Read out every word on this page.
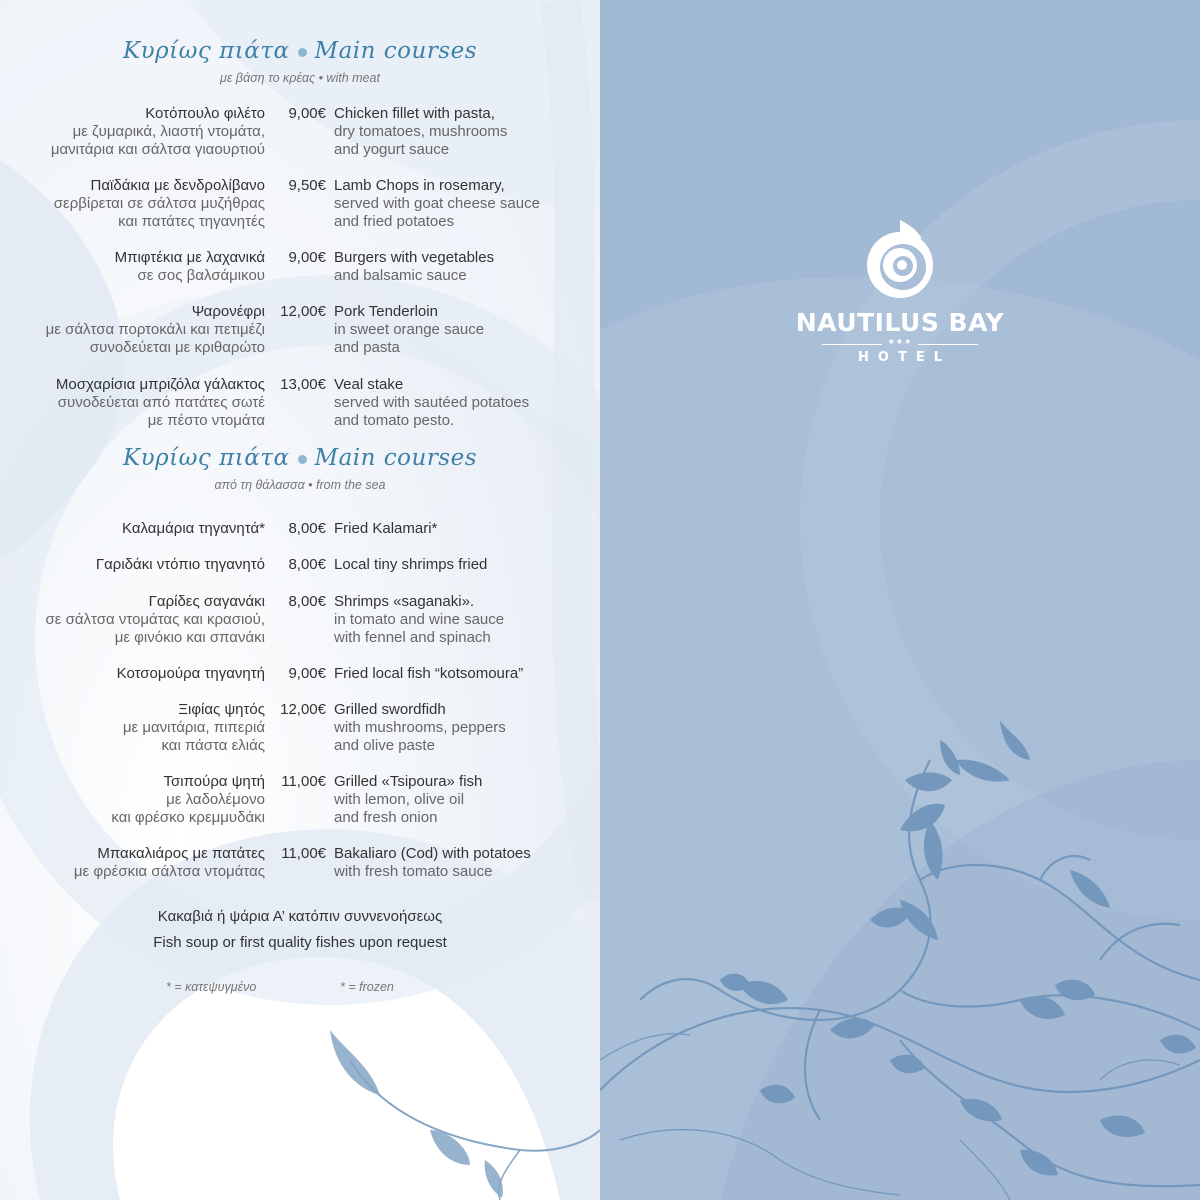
Κυρίως πιάτα Main courses
με βάση το κρέας • with meat
Κοτόπουλο φιλέτο
με ζυμαρικά, λιαστή ντομάτα,
μανιτάρια και σάλτσα γιαουρτιού
9,00€ Chicken fillet with pasta,
dry tomatoes, mushrooms
and yogurt sauce
Παϊδάκια με δενδρολίβανο
σερβίρεται σε σάλτσα μυζήθρας
και πατάτες τηγανητές
9,50€ Lamb Chops in rosemary,
served with goat cheese sauce
and fried potatoes
Μπιφτέκια με λαχανικά
σε σος βαλσάμικου
9,00€ Burgers with vegetables
and balsamic sauce
Ψαρονέφρι
με σάλτσα πορτοκάλι και πετιμέζι
συνοδεύεται με κριθαρώτο
12,00€ Pork Tenderloin
in sweet orange sauce
and pasta
Μοσχαρίσια μπριζόλα γάλακτος
συνοδεύεται από πατάτες σωτέ
με πέστο ντομάτα
13,00€ Veal stake
served with sautéed potatoes
and tomato pesto.
Κυρίως πιάτα Main courses
από τη θάλασσα • from the sea
Καλαμάρια τηγανητά*	8,00€ Fried Kalamari*
Γαριδάκι ντόπιο τηγανητό	8,00€ Local tiny shrimps fried
Γαρίδες σαγανάκι
σε σάλτσα ντομάτας και κρασιού,
με φινόκιο και σπανάκι
8,00€ Shrimps «saganaki».
in tomato and wine sauce
with fennel and spinach
Κοτσομούρα τηγανητή	9,00€ Fried local fish “kotsomoura”
Ξιφίας ψητός
με μανιτάρια, πιπεριά
και πάστα ελιάς
12,00€ Grilled swordfidh
with mushrooms, peppers
and olive paste
Τσιπούρα ψητή
με λαδολέμονο
και φρέσκο κρεμμυδάκι
11,00€ Grilled «Tsipoura» fish
with lemon, olive oil
and fresh onion
Μπακαλιάρος με πατάτες
με φρέσκια σάλτσα ντομάτας
11,00€ Bakaliaro (Cod) with potatoes
with fresh tomato sauce
Κακαβιά ή ψάρια Α’ κατόπιν συννενοήσεως
Fish soup or first quality fishes upon request
* = κατεψυγμένο	* = frozen
NAUTILUS BAY
★★★
HOTEL
